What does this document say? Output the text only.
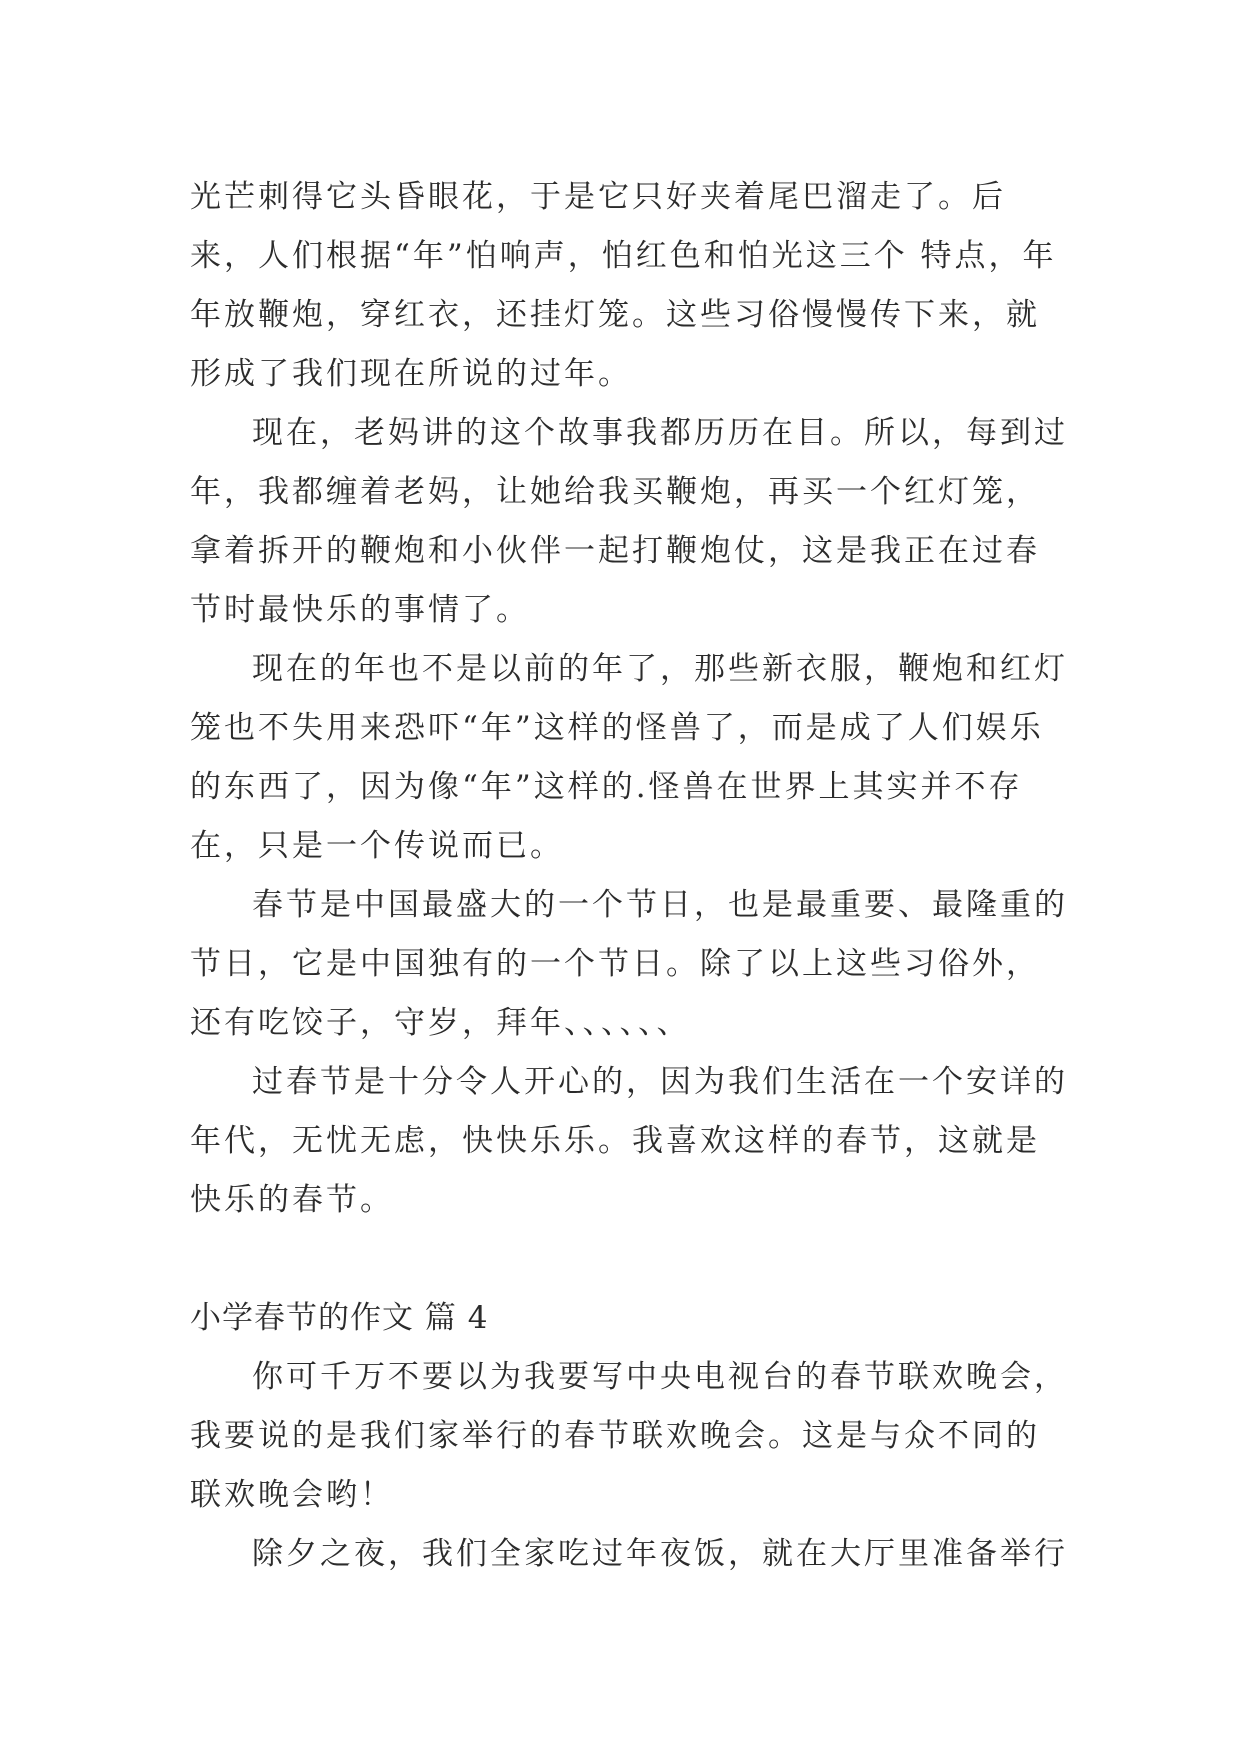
光芒刺得它头昏眼花，于是它只好夹着尾巴溜走了。后来，人们根据“年”怕响声，怕红色和怕光这三个 特点，年年放鞭炮，穿红衣，还挂灯笼。这些习俗慢慢传下来，就形成了我们现在所说的过年。

现在，老妈讲的这个故事我都历历在目。所以，每到过年，我都缠着老妈，让她给我买鞭炮，再买一个红灯笼，拿着拆开的鞭炮和小伙伴一起打鞭炮仗，这是我正在过春节时最快乐的事情了。

现在的年也不是以前的年了，那些新衣服，鞭炮和红灯笼也不失用来恐吓“年”这样的怪兽了，而是成了人们娱乐的东西了，因为像“年”这样的.怪兽在世界上其实并不存在，只是一个传说而已。

春节是中国最盛大的一个节日，也是最重要、最隆重的节日，它是中国独有的一个节日。除了以上这些习俗外，还有吃饺子，守岁，拜年、、、、、、

过春节是十分令人开心的，因为我们生活在一个安详的年代，无忧无虑，快快乐乐。我喜欢这样的春节，这就是快乐的春节。

小学春节的作文 篇 4

你可千万不要以为我要写中央电视台的春节联欢晚会，我要说的是我们家举行的春节联欢晚会。这是与众不同的联欢晚会哟！

除夕之夜，我们全家吃过年夜饭，就在大厅里准备举行
